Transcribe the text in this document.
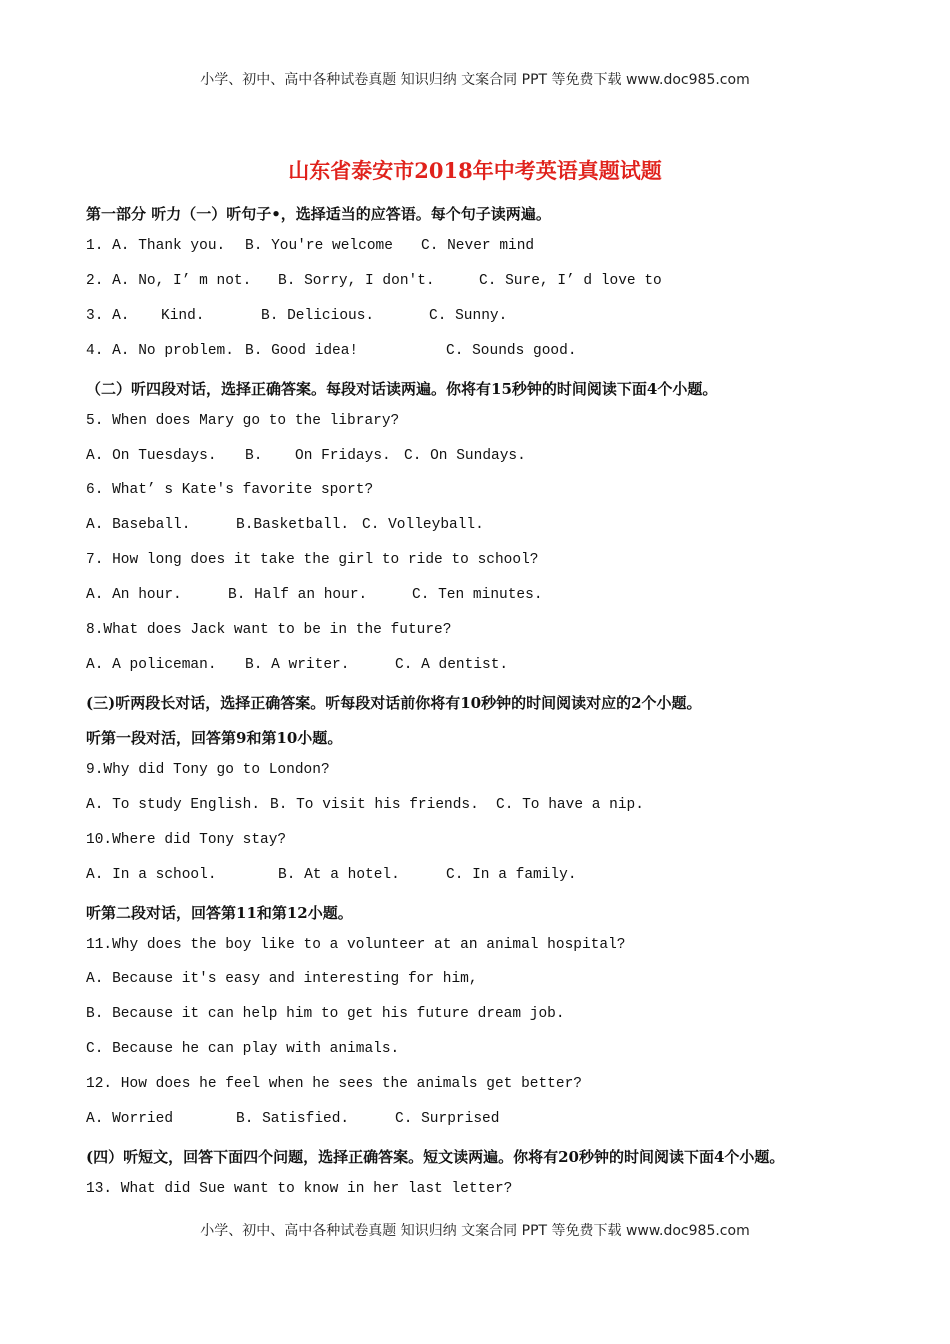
小学、初中、高中各种试卷真题 知识归纳 文案合同 PPT 等免费下载 www.doc985.com
山东省泰安市2018年中考英语真题试题
第一部分 听力（一）听句子•，选择适当的应答语。每个句子读两遍。
1. A. Thank you. B. You're welcome C. Never mind
2. A. No, I’ m not. B. Sorry, I don't.	C. Sure, I’ d love to
3. A. Kind.	B. Delicious.	C. Sunny.
4. A. No problem. B. Good idea!	C. Sounds good.
（二）听四段对话，选择正确答案。每段对话读两遍。你将有15秒钟的时间阅读下面4个小题。
5. When does Mary go to the library?
A. On Tuesdays. B. On Fridays. C. On Sundays.
6. What’ s Kate's favorite sport?
A. Baseball.	B.Basketball. C. Volleyball.
7. How long does it take the girl to ride to school?
A. An hour.	B. Half an hour.	C. Ten minutes.
8.What does Jack want to be in the future?
A. A policeman. B. A writer.	C. A dentist.
(三)听两段长对话，选择正确答案。听每段对话前你将有10秒钟的时间阅读对应的2个小题。
听第一段对活，回答第9和第10小题。
9.Why did Tony go to London?
A. To study English. B. To visit his friends. C. To have a nip.
10.Where did Tony stay?
A. In a school.	B. At a hotel.	C. In a family.
听第二段对话，回答第11和第12小题。
11.Why does the boy like to a volunteer at an animal hospital?
A. Because it's easy and interesting for him,
B. Because it can help him to get his future dream job.
C. Because he can play with animals.
12. How does he feel when he sees the animals get better?
A. Worried	B. Satisfied.	C. Surprised
(四）听短文，回答下面四个问题，选择正确答案。短文读两遍。你将有20秒钟的时间阅读下面4个小题。
13. What did Sue want to know in her last letter?
小学、初中、高中各种试卷真题 知识归纳 文案合同 PPT 等免费下载 www.doc985.com
